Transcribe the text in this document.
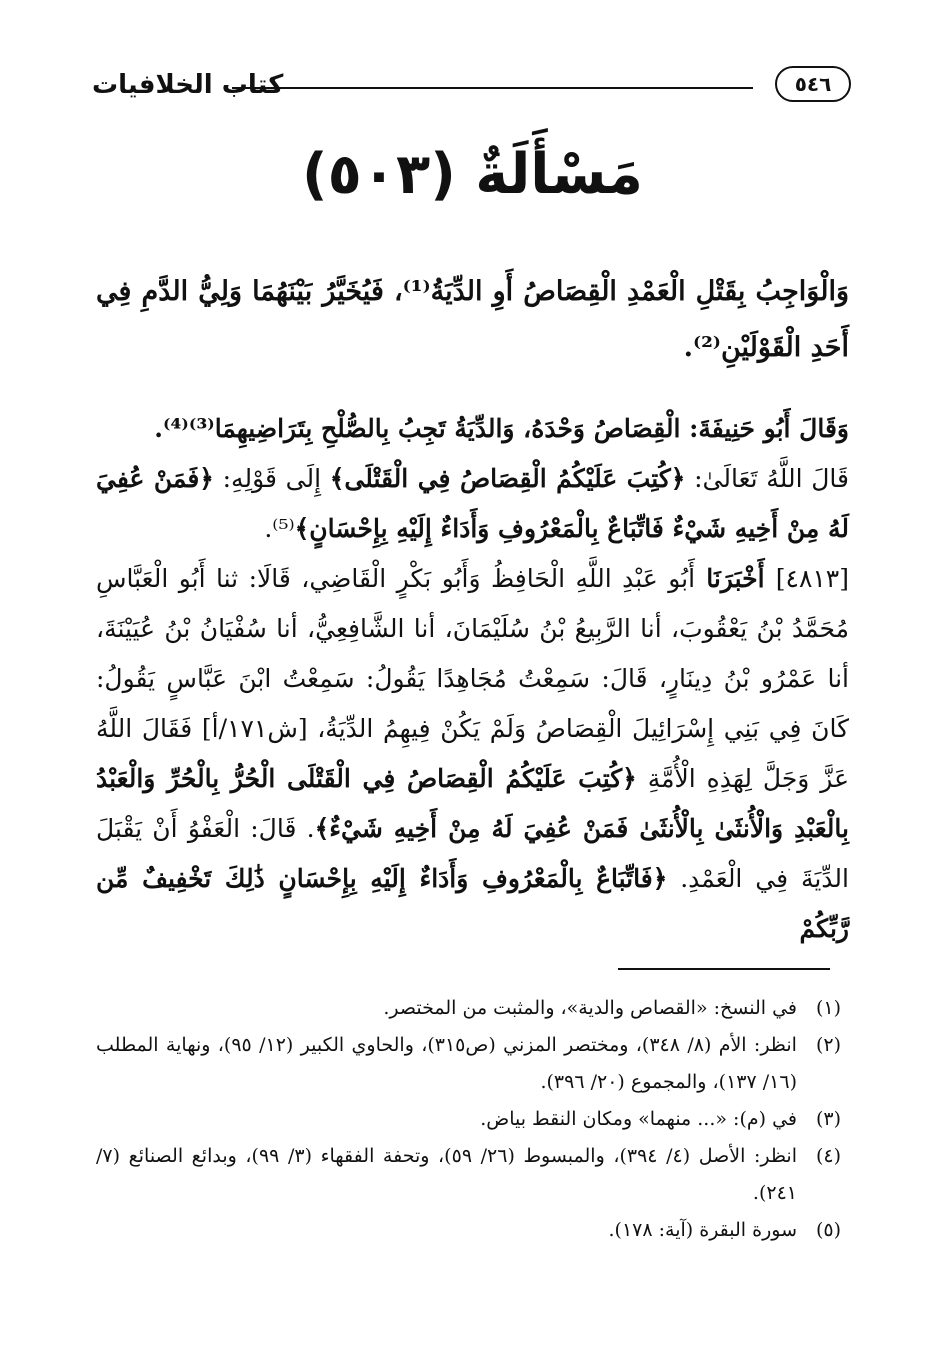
كتاب الخلافيات	٥٤٦
مَسْأَلَةٌ (٥٠٣)
وَالْوَاجِبُ بِقَتْلِ الْعَمْدِ الْقِصَاصُ أَوِ الدِّيَةُ⁽¹⁾، فَيُخَيَّرُ بَيْنَهُمَا وَلِيُّ الدَّمِ فِي أَحَدِ الْقَوْلَيْنِ⁽²⁾.

وَقَالَ أَبُو حَنِيفَةَ: الْقِصَاصُ وَحْدَهُ، وَالدِّيَةُ تَجِبُ بِالصُّلْحِ بِتَرَاضِيهِمَا⁽³⁾⁽⁴⁾.

قَالَ اللَّهُ تَعَالَىٰ: ﴿كُتِبَ عَلَيْكُمُ الْقِصَاصُ فِي الْقَتْلَى﴾ إِلَى قَوْلِهِ: ﴿فَمَنْ عُفِيَ لَهُ مِنْ أَخِيهِ شَيْءٌ فَاتِّبَاعٌ بِالْمَعْرُوفِ وَأَدَاءٌ إِلَيْهِ بِإِحْسَانٍ﴾⁽⁵⁾.

[٤٨١٣] أَخْبَرَنَا أَبُو عَبْدِ اللَّهِ الْحَافِظُ وَأَبُو بَكْرٍ الْقَاضِي، قَالَا: ثنا أَبُو الْعَبَّاسِ مُحَمَّدُ بْنُ يَعْقُوبَ، أنا الرَّبِيعُ بْنُ سُلَيْمَانَ، أنا الشَّافِعِيُّ، أنا سُفْيَانُ بْنُ عُيَيْنَةَ، أنا عَمْرُو بْنُ دِينَارٍ، قَالَ: سَمِعْتُ مُجَاهِدًا يَقُولُ: سَمِعْتُ ابْنَ عَبَّاسٍ يَقُولُ: كَانَ فِي بَنِي إِسْرَائِيلَ الْقِصَاصُ وَلَمْ يَكُنْ فِيهِمُ الدِّيَةُ، [ش١٧١/أ] فَقَالَ اللَّهُ عَزَّ وَجَلَّ لِهَذِهِ الْأُمَّةِ ﴿كُتِبَ عَلَيْكُمُ الْقِصَاصُ فِي الْقَتْلَى الْحُرُّ بِالْحُرِّ وَالْعَبْدُ بِالْعَبْدِ وَالْأُنثَىٰ بِالْأُنثَىٰ فَمَنْ عُفِيَ لَهُ مِنْ أَخِيهِ شَيْءٌ﴾. قَالَ: الْعَفْوُ أَنْ يَقْبَلَ الدِّيَةَ فِي الْعَمْدِ. ﴿فَاتِّبَاعٌ بِالْمَعْرُوفِ وَأَدَاءٌ إِلَيْهِ بِإِحْسَانٍ ذَٰلِكَ تَخْفِيفٌ مِّن رَّبِّكُمْ

(١)
في النسخ: «القصاص والدية»، والمثبت من المختصر.
(٢)
انظر: الأم (٨/ ٣٤٨)، ومختصر المزني (ص٣١٥)، والحاوي الكبير (١٢/ ٩٥)، ونهاية المطلب (١٦/ ١٣٧)، والمجموع (٢٠/ ٣٩٦).
(٣)
في (م): «... منهما» ومكان النقط بياض.
(٤)
انظر: الأصل (٤/ ٣٩٤)، والمبسوط (٢٦/ ٥٩)، وتحفة الفقهاء (٣/ ٩٩)، وبدائع الصنائع (٧/ ٢٤١).
(٥)
سورة البقرة (آية: ١٧٨).
